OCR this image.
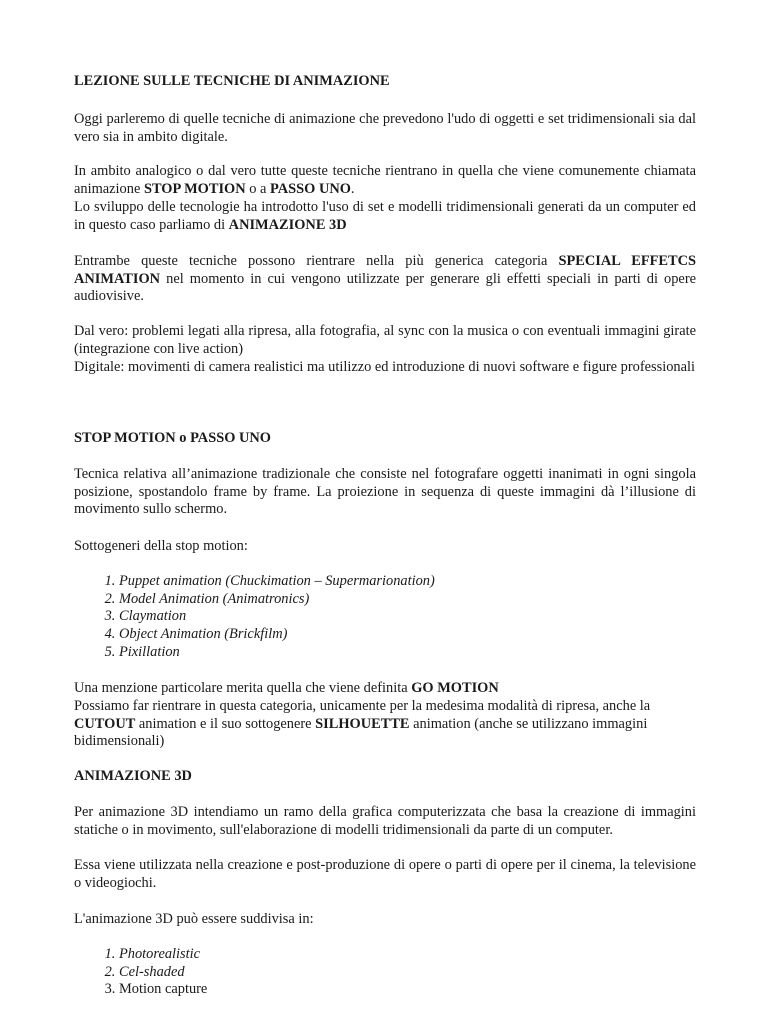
LEZIONE SULLE TECNICHE DI ANIMAZIONE

Oggi parleremo di quelle tecniche di animazione che prevedono l'udo di oggetti e set tridimensionali sia dal vero sia in ambito digitale.

In ambito analogico o dal vero tutte queste tecniche rientrano in quella che viene comunemente chiamata animazione STOP MOTION o a PASSO UNO.

Lo sviluppo delle tecnologie ha introdotto l'uso di set e modelli tridimensionali generati da un computer ed in questo caso parliamo di ANIMAZIONE 3D

Entrambe queste tecniche possono rientrare nella più generica categoria SPECIAL EFFETCS ANIMATION nel momento in cui vengono utilizzate per generare gli effetti speciali in parti di opere audiovisive.

Dal vero: problemi legati alla ripresa, alla fotografia, al sync con la musica o con eventuali immagini girate (integrazione con live action)

Digitale: movimenti di camera realistici ma utilizzo ed introduzione di nuovi software e figure professionali

STOP MOTION o PASSO UNO

Tecnica relativa all’animazione tradizionale che consiste nel fotografare oggetti inanimati in ogni singola posizione, spostandolo frame by frame. La proiezione in sequenza di queste immagini dà l’illusione di movimento sullo schermo.

Sottogeneri della stop motion:

1. Puppet animation (Chuckimation – Supermarionation)
2. Model Animation (Animatronics)
3. Claymation
4. Object Animation (Brickfilm)
5. Pixillation

Una menzione particolare merita quella che viene definita GO MOTION

Possiamo far rientrare in questa categoria, unicamente per la medesima modalità di ripresa, anche la CUTOUT animation e il suo sottogenere SILHOUETTE animation (anche se utilizzano immagini bidimensionali)

ANIMAZIONE 3D

Per animazione 3D intendiamo un ramo della grafica computerizzata che basa la creazione di immagini statiche o in movimento, sull'elaborazione di modelli tridimensionali da parte di un computer.

Essa viene utilizzata nella creazione e post-produzione di opere o parti di opere per il cinema, la televisione o videogiochi.

L'animazione 3D può essere suddivisa in:

1. Photorealistic
2. Cel-shaded
3. Motion capture
